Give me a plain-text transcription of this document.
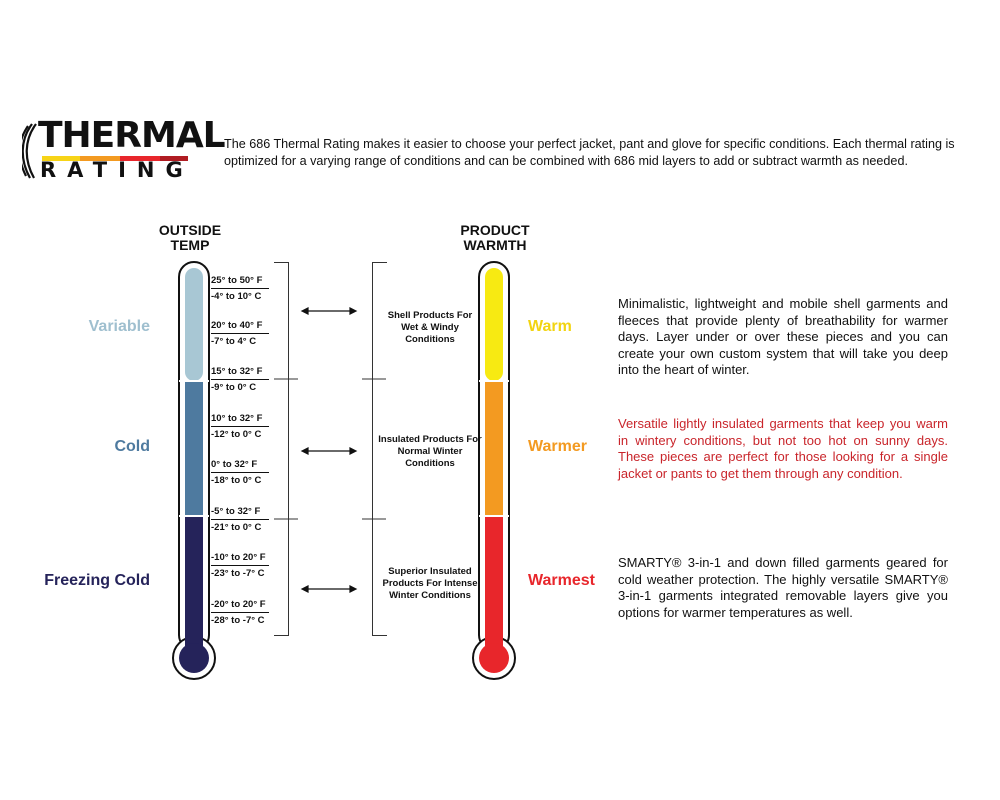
THERMAL
RATING
The 686 Thermal Rating makes it easier to choose your perfect jacket, pant and glove for specific conditions. Each thermal rating is optimized for a varying range of conditions and can be combined with 686 mid layers to add or subtract warmth as needed.
OUTSIDE
TEMP
PRODUCT
WARMTH
Variable
Cold
Freezing Cold
25° to 50° F
-4° to 10° C
20° to 40° F
-7° to 4° C
15° to 32° F
-9° to 0° C
10° to 32° F
-12° to 0° C
0° to 32° F
-18° to 0° C
-5° to 32° F
-21° to 0° C
-10° to 20° F
-23° to -7° C
-20° to 20° F
-28° to -7° C
Shell Products For Wet & Windy Conditions
Insulated Products For Normal Winter Conditions
Superior Insulated Products For Intense Winter Conditions
Warm
Warmer
Warmest
Minimalistic, lightweight and mobile shell garments and fleeces that provide plenty of breathability for warmer days. Layer under or over these pieces and you can create your own custom system that will take you deep into the heart of winter.
Versatile lightly insulated garments that keep you warm in wintery conditions, but not too hot on sunny days. These pieces are perfect for those looking for a single jacket or pants to get them through any condition.
SMARTY® 3-in-1 and down filled garments geared for cold weather protection. The highly versatile SMARTY® 3-in-1 garments integrated removable layers give you options for warmer temperatures as well.
